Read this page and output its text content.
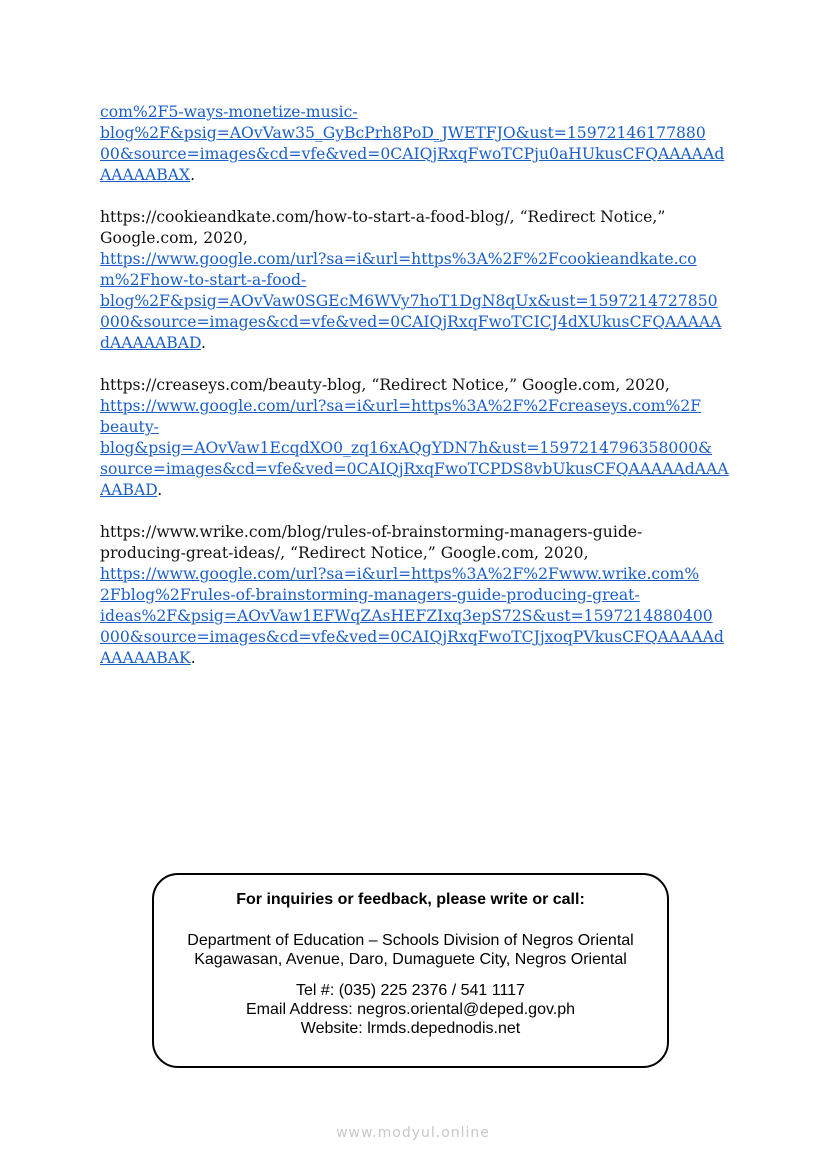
com%2F5-ways-monetize-music-
blog%2F&psig=AOvVaw35_GyBcPrh8PoD_JWETFJO&ust=15972146177880
00&source=images&cd=vfe&ved=0CAIQjRxqFwoTCPju0aHUkusCFQAAAAAd
AAAAABAX.
https://cookieandkate.com/how-to-start-a-food-blog/, “Redirect Notice,”
Google.com, 2020,
https://www.google.com/url?sa=i&url=https%3A%2F%2Fcookieandkate.co
m%2Fhow-to-start-a-food-
blog%2F&psig=AOvVaw0SGEcM6WVy7hoT1DgN8qUx&ust=1597214727850
000&source=images&cd=vfe&ved=0CAIQjRxqFwoTCICJ4dXUkusCFQAAAAA
dAAAAABAD.
https://creaseys.com/beauty-blog, “Redirect Notice,” Google.com, 2020,
https://www.google.com/url?sa=i&url=https%3A%2F%2Fcreaseys.com%2F
beauty-
blog&psig=AOvVaw1EcqdXO0_zq16xAQgYDN7h&ust=1597214796358000&
source=images&cd=vfe&ved=0CAIQjRxqFwoTCPDS8vbUkusCFQAAAAAdAAA
AABAD.
https://www.wrike.com/blog/rules-of-brainstorming-managers-guide-
producing-great-ideas/, “Redirect Notice,” Google.com, 2020,
https://www.google.com/url?sa=i&url=https%3A%2F%2Fwww.wrike.com%
2Fblog%2Frules-of-brainstorming-managers-guide-producing-great-
ideas%2F&psig=AOvVaw1EFWqZAsHEFZIxq3epS72S&ust=1597214880400
000&source=images&cd=vfe&ved=0CAIQjRxqFwoTCJjxoqPVkusCFQAAAAAd
AAAAABAK.
For inquiries or feedback, please write or call:
Department of Education – Schools Division of Negros Oriental
Kagawasan, Avenue, Daro, Dumaguete City, Negros Oriental
Tel #: (035) 225 2376 / 541 1117
Email Address: negros.oriental@deped.gov.ph
Website: lrmds.depednodis.net
www.modyul.online
